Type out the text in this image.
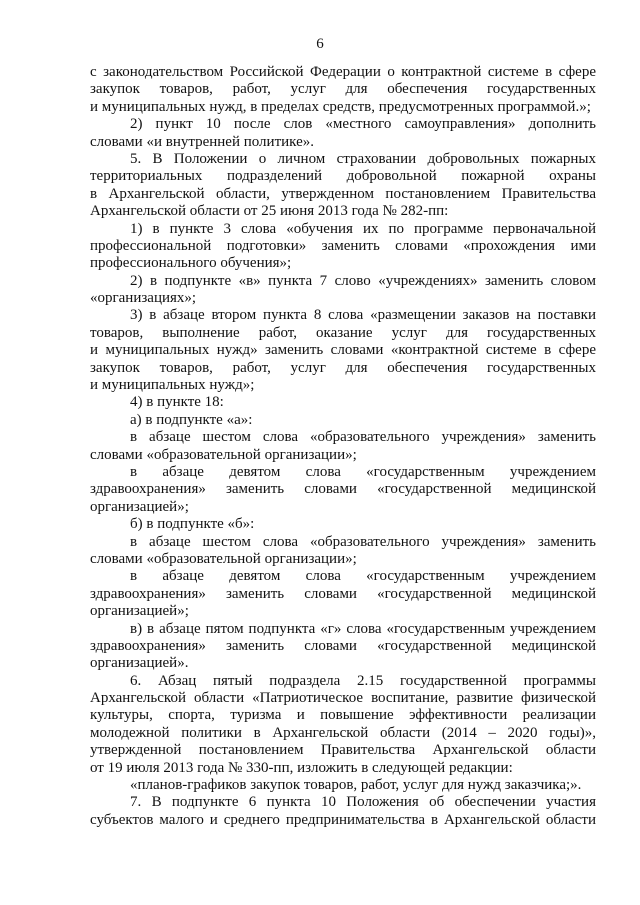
6
с законодательством Российской Федерации о контрактной системе в сфере
закупок товаров, работ, услуг для обеспечения государственных
и муниципальных нужд, в пределах средств, предусмотренных программой.»;
2) пункт 10 после слов «местного самоуправления» дополнить
словами «и внутренней политике».
5. В Положении о личном страховании добровольных пожарных
территориальных подразделений добровольной пожарной охраны
в Архангельской области, утвержденном постановлением Правительства
Архангельской области от 25 июня 2013 года № 282-пп:
1) в пункте 3 слова «обучения их по программе первоначальной
профессиональной подготовки» заменить словами «прохождения ими
профессионального обучения»;
2) в подпункте «в» пункта 7 слово «учреждениях» заменить словом
«организациях»;
3) в абзаце втором пункта 8 слова «размещении заказов на поставки
товаров, выполнение работ, оказание услуг для государственных
и муниципальных нужд» заменить словами «контрактной системе в сфере
закупок товаров, работ, услуг для обеспечения государственных
и муниципальных нужд»;
4) в пункте 18:
а) в подпункте «а»:
в абзаце шестом слова «образовательного учреждения» заменить
словами «образовательной организации»;
в абзаце девятом слова «государственным учреждением
здравоохранения» заменить словами «государственной медицинской
организацией»;
б) в подпункте «б»:
в абзаце шестом слова «образовательного учреждения» заменить
словами «образовательной организации»;
в абзаце девятом слова «государственным учреждением
здравоохранения» заменить словами «государственной медицинской
организацией»;
в) в абзаце пятом подпункта «г» слова «государственным учреждением
здравоохранения» заменить словами «государственной медицинской
организацией».
6. Абзац пятый подраздела 2.15 государственной программы
Архангельской области «Патриотическое воспитание, развитие физической
культуры, спорта, туризма и повышение эффективности реализации
молодежной политики в Архангельской области (2014 – 2020 годы)»,
утвержденной постановлением Правительства Архангельской области
от 19 июля 2013 года № 330-пп, изложить в следующей редакции:
«планов-графиков закупок товаров, работ, услуг для нужд заказчика;».
7. В подпункте 6 пункта 10 Положения об обеспечении участия
субъектов малого и среднего предпринимательства в Архангельской области
